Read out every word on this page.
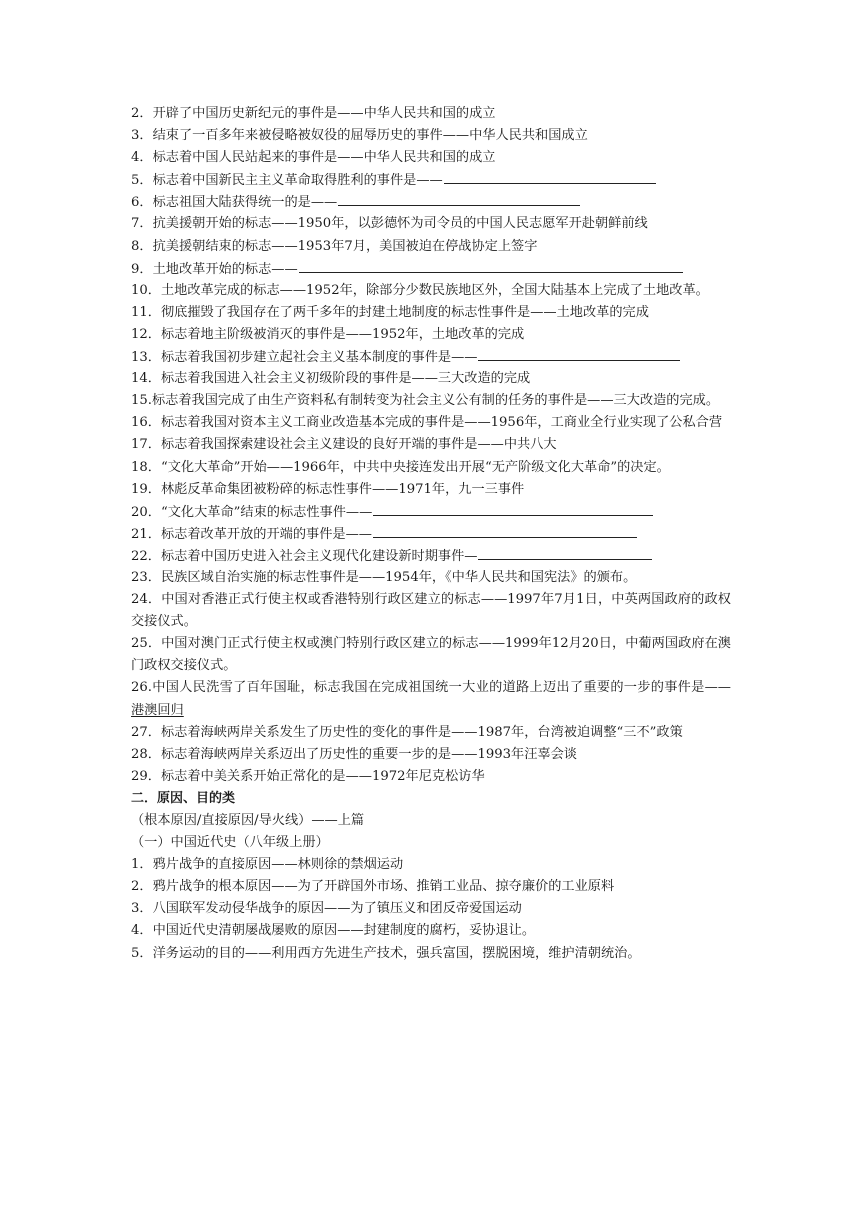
2．开辟了中国历史新纪元的事件是——中华人民共和国的成立
3．结束了一百多年来被侵略被奴役的屈辱历史的事件——中华人民共和国成立
4．标志着中国人民站起来的事件是——中华人民共和国的成立
5．标志着中国新民主主义革命取得胜利的事件是——
6．标志祖国大陆获得统一的是——
7．抗美援朝开始的标志——1950年，以彭德怀为司令员的中国人民志愿军开赴朝鲜前线
8．抗美援朝结束的标志——1953年7月，美国被迫在停战协定上签字
9．土地改革开始的标志——
10．土地改革完成的标志——1952年，除部分少数民族地区外，全国大陆基本上完成了土地改革。
11．彻底摧毁了我国存在了两千多年的封建土地制度的标志性事件是——土地改革的完成
12．标志着地主阶级被消灭的事件是——1952年，土地改革的完成
13．标志着我国初步建立起社会主义基本制度的事件是——
14．标志着我国进入社会主义初级阶段的事件是——三大改造的完成
15.标志着我国完成了由生产资料私有制转变为社会主义公有制的任务的事件是——三大改造的完成。
16．标志着我国对资本主义工商业改造基本完成的事件是——1956年，工商业全行业实现了公私合营
17．标志着我国探索建设社会主义建设的良好开端的事件是——中共八大
18．“文化大革命”开始——1966年，中共中央接连发出开展“无产阶级文化大革命”的决定。
19．林彪反革命集团被粉碎的标志性事件——1971年，九一三事件
20．“文化大革命”结束的标志性事件——
21．标志着改革开放的开端的事件是——
22．标志着中国历史进入社会主义现代化建设新时期事件—
23．民族区域自治实施的标志性事件是——1954年，《中华人民共和国宪法》的颁布。
24．中国对香港正式行使主权或香港特别行政区建立的标志——1997年7月1日，中英两国政府的政权交接仪式。
25．中国对澳门正式行使主权或澳门特别行政区建立的标志——1999年12月20日，中葡两国政府在澳门政权交接仪式。
26.中国人民洗雪了百年国耻，标志我国在完成祖国统一大业的道路上迈出了重要的一步的事件是——港澳回归
27．标志着海峡两岸关系发生了历史性的变化的事件是——1987年，台湾被迫调整“三不”政策
28．标志着海峡两岸关系迈出了历史性的重要一步的是——1993年汪辜会谈
29．标志着中美关系开始正常化的是——1972年尼克松访华
二．原因、目的类
（根本原因/直接原因/导火线）——上篇
（一）中国近代史（八年级上册）
1．鸦片战争的直接原因——林则徐的禁烟运动
2．鸦片战争的根本原因——为了开辟国外市场、推销工业品、掠夺廉价的工业原料
3．八国联军发动侵华战争的原因——为了镇压义和团反帝爱国运动
4．中国近代史清朝屡战屡败的原因——封建制度的腐朽，妥协退让。
5．洋务运动的目的——利用西方先进生产技术，强兵富国，摆脱困境，维护清朝统治。
